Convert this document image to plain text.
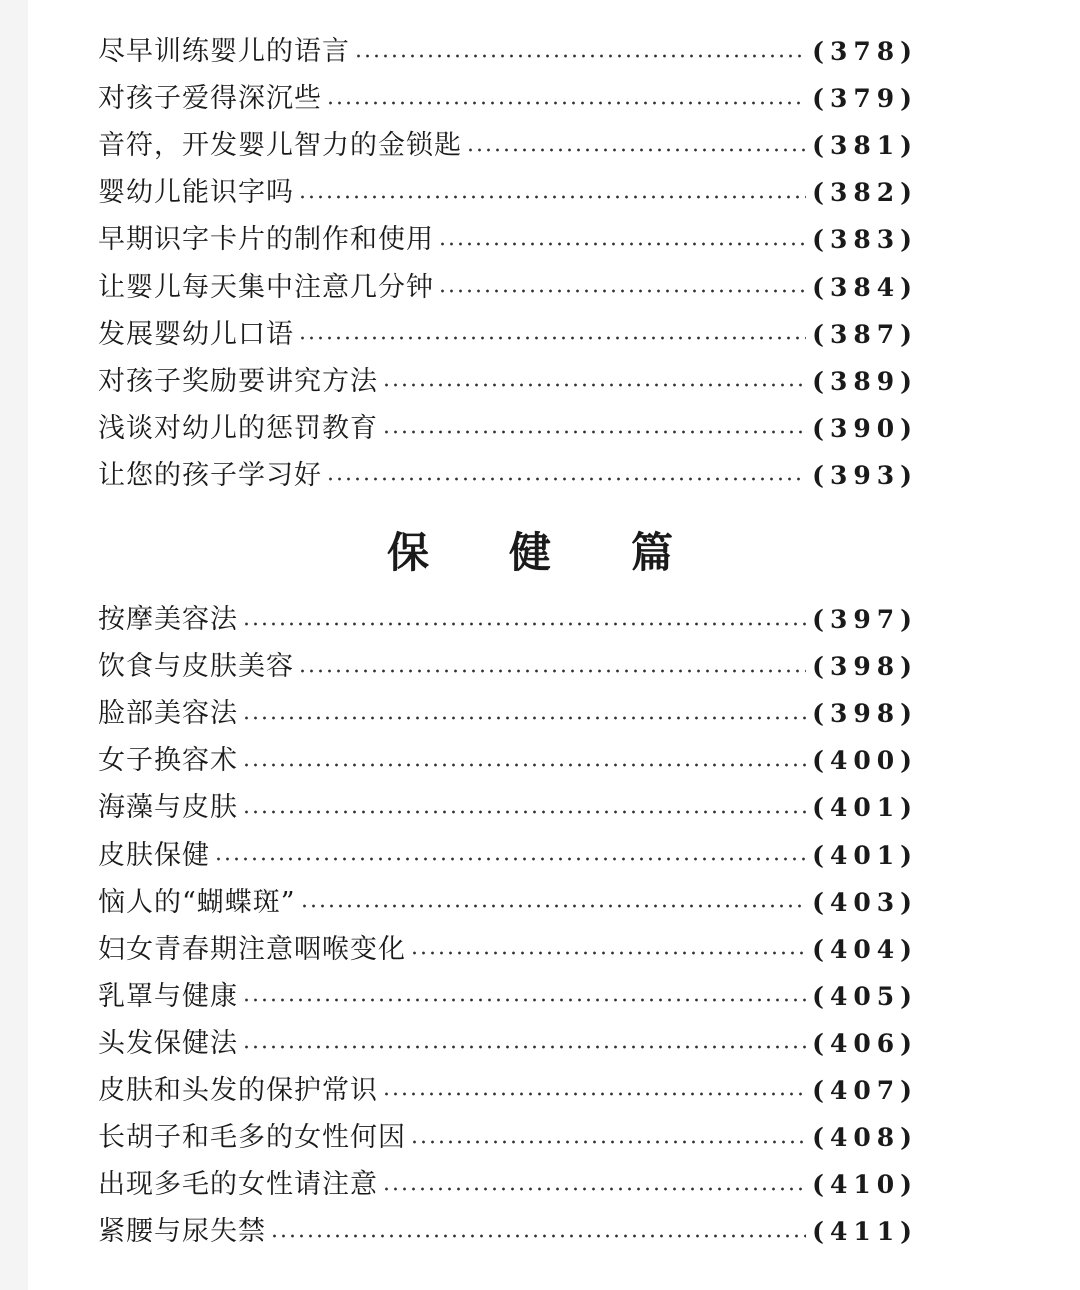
尽早训练婴儿的语言	(378)
对孩子爱得深沉些	(379)
音符，开发婴儿智力的金锁匙	(381)
婴幼儿能识字吗	(382)
早期识字卡片的制作和使用	(383)
让婴儿每天集中注意几分钟	(384)
发展婴幼儿口语	(387)
对孩子奖励要讲究方法	(389)
浅谈对幼儿的惩罚教育	(390)
让您的孩子学习好	(393)
保健篇
按摩美容法	(397)
饮食与皮肤美容	(398)
脸部美容法	(398)
女子换容术	(400)
海藻与皮肤	(401)
皮肤保健	(401)
恼人的“蝴蝶斑”	(403)
妇女青春期注意咽喉变化	(404)
乳罩与健康	(405)
头发保健法	(406)
皮肤和头发的保护常识	(407)
长胡子和毛多的女性何因	(408)
出现多毛的女性请注意	(410)
紧腰与尿失禁	(411)
